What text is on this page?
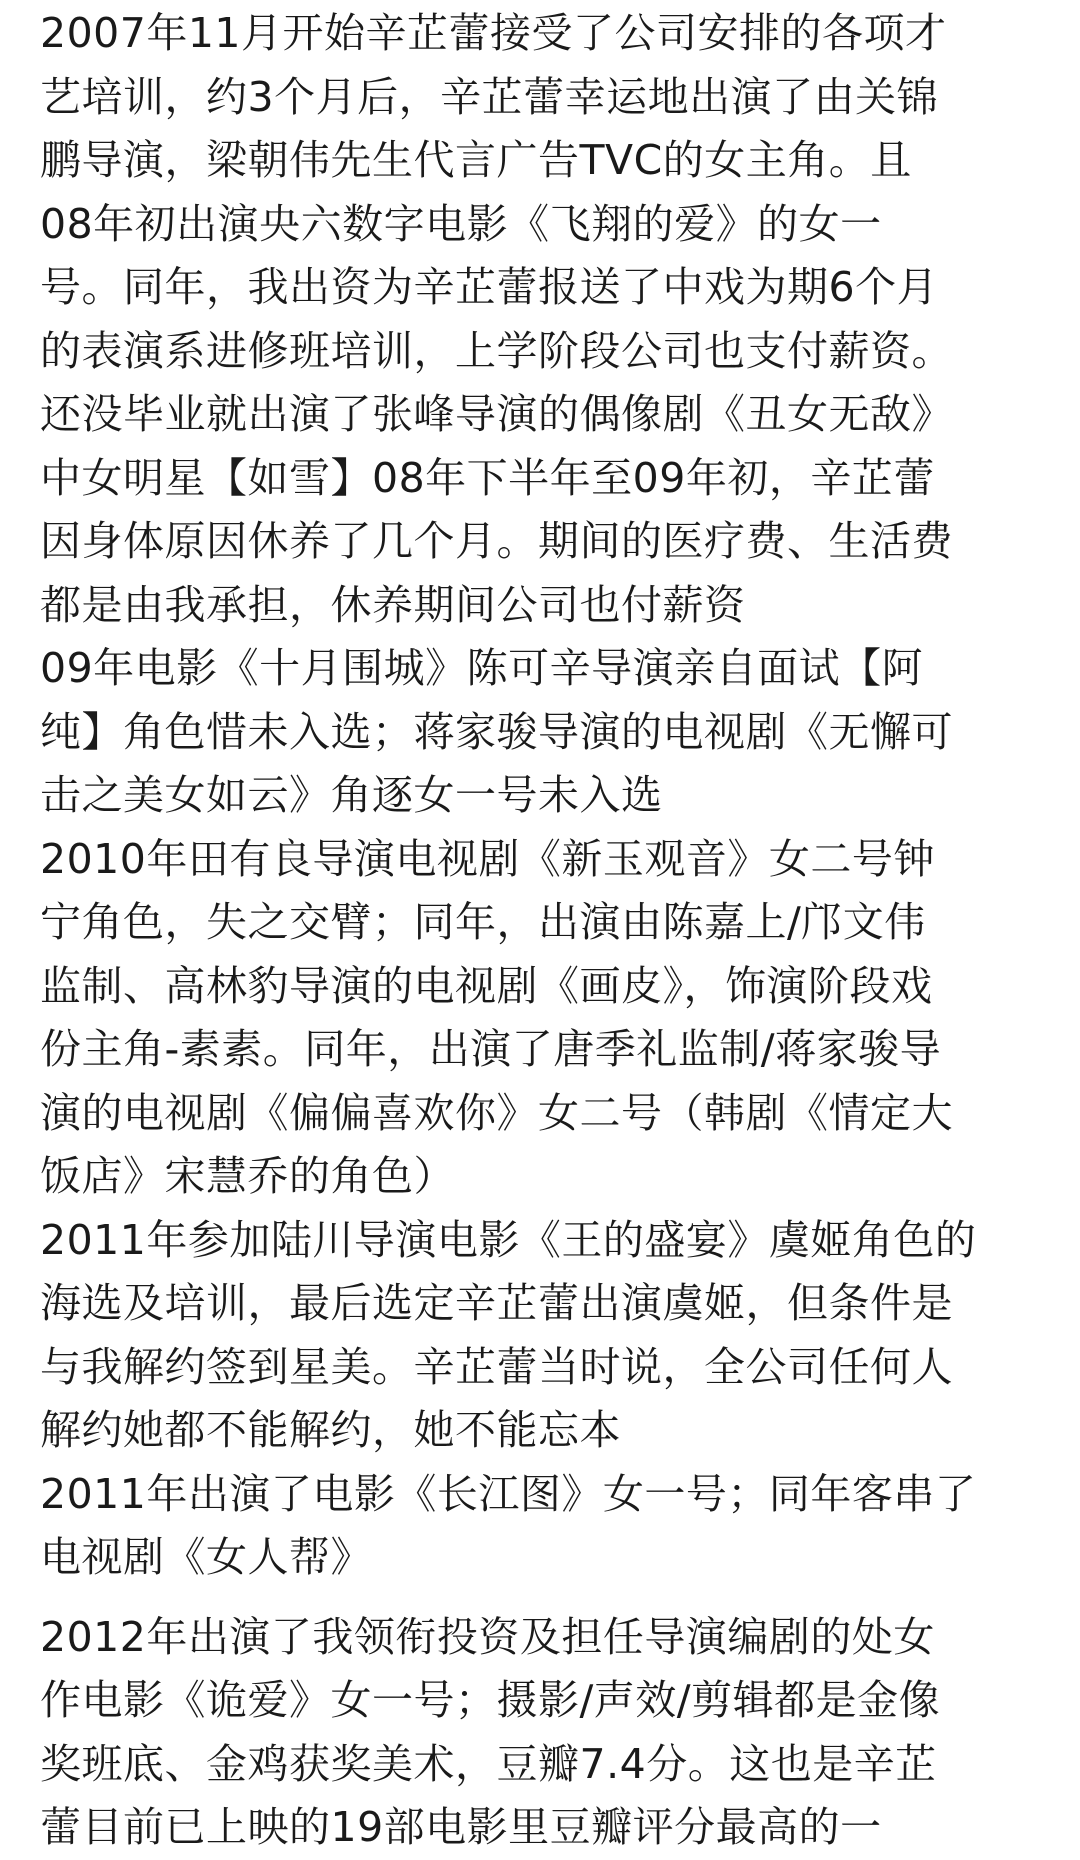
2007年11月开始辛芷蕾接受了公司安排的各项才
艺培训，约3个月后，辛芷蕾幸运地出演了由关锦
鹏导演，梁朝伟先生代言广告TVC的女主角。且
08年初出演央六数字电影《飞翔的爱》的女一
号。同年，我出资为辛芷蕾报送了中戏为期6个月
的表演系进修班培训，上学阶段公司也支付薪资。
还没毕业就出演了张峰导演的偶像剧《丑女无敌》
中女明星【如雪】08年下半年至09年初，辛芷蕾
因身体原因休养了几个月。期间的医疗费、生活费
都是由我承担，休养期间公司也付薪资
09年电影《十月围城》陈可辛导演亲自面试【阿
纯】角色惜未入选；蒋家骏导演的电视剧《无懈可
击之美女如云》角逐女一号未入选
2010年田有良导演电视剧《新玉观音》女二号钟
宁角色，失之交臂；同年，出演由陈嘉上/邝文伟
监制、高林豹导演的电视剧《画皮》，饰演阶段戏
份主角-素素。同年，出演了唐季礼监制/蒋家骏导
演的电视剧《偏偏喜欢你》女二号（韩剧《情定大
饭店》宋慧乔的角色）
2011年参加陆川导演电影《王的盛宴》虞姬角色的
海选及培训，最后选定辛芷蕾出演虞姬，但条件是
与我解约签到星美。辛芷蕾当时说，全公司任何人
解约她都不能解约，她不能忘本
2011年出演了电影《长江图》女一号；同年客串了
电视剧《女人帮》
2012年出演了我领衔投资及担任导演编剧的处女
作电影《诡爱》女一号；摄影/声效/剪辑都是金像
奖班底、金鸡获奖美术，豆瓣7.4分。这也是辛芷
蕾目前已上映的19部电影里豆瓣评分最高的一
